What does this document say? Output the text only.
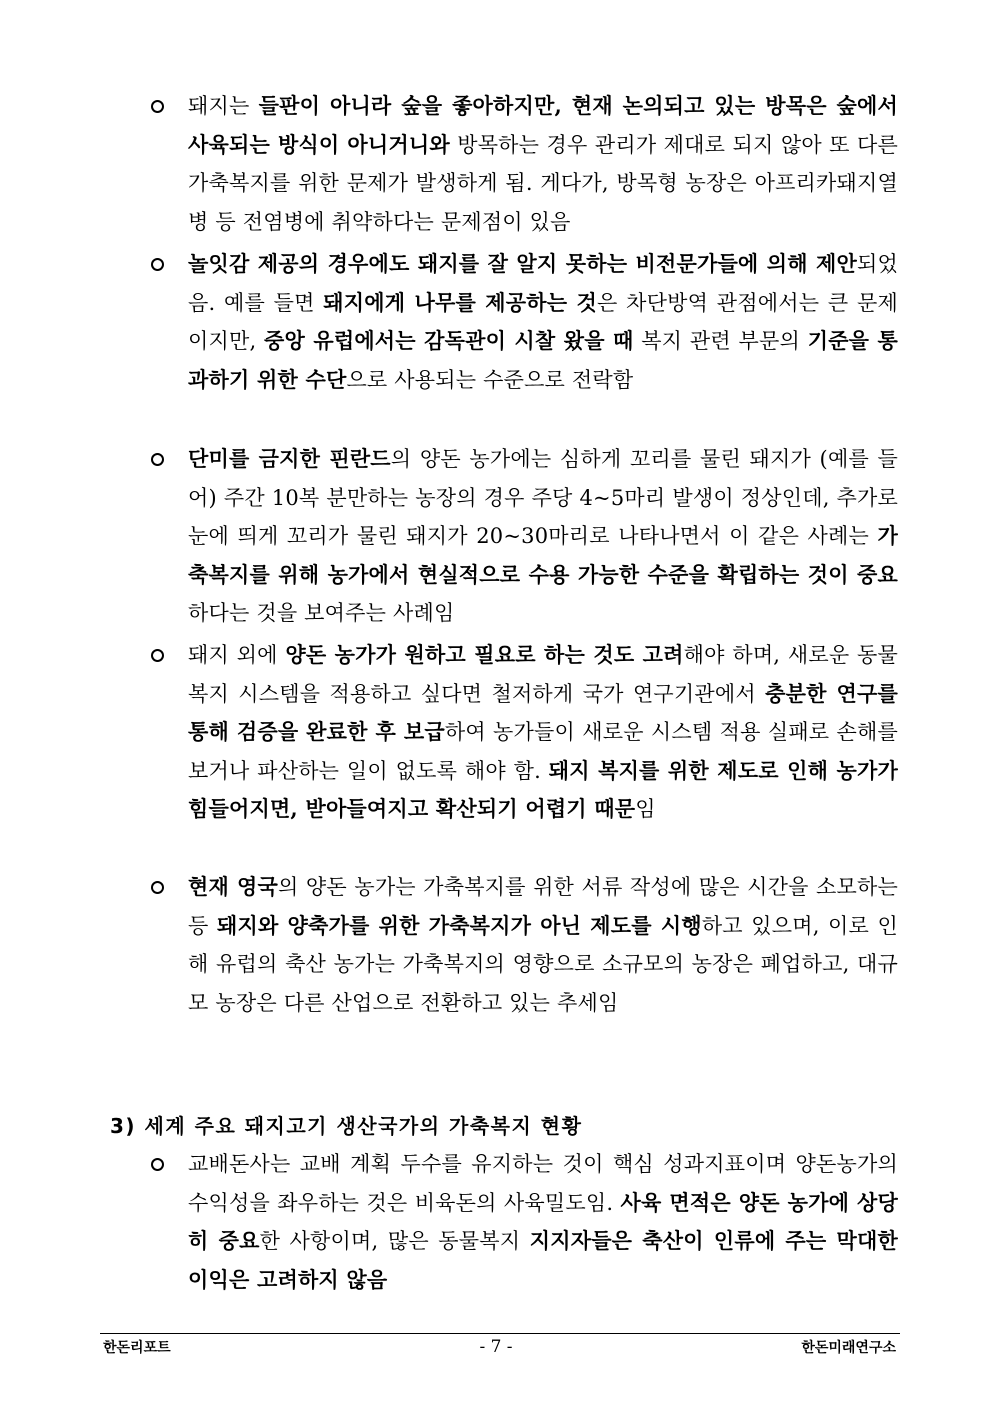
돼지는 들판이 아니라 숲을 좋아하지만, 현재 논의되고 있는 방목은 숲에서 사육되는 방식이 아니거니와 방목하는 경우 관리가 제대로 되지 않아 또 다른 가축복지를 위한 문제가 발생하게 됨. 게다가, 방목형 농장은 아프리카돼지열병 등 전염병에 취약하다는 문제점이 있음

놀잇감 제공의 경우에도 돼지를 잘 알지 못하는 비전문가들에 의해 제안되었음. 예를 들면 돼지에게 나무를 제공하는 것은 차단방역 관점에서는 큰 문제이지만, 중앙 유럽에서는 감독관이 시찰 왔을 때 복지 관련 부문의 기준을 통과하기 위한 수단으로 사용되는 수준으로 전락함

단미를 금지한 핀란드의 양돈 농가에는 심하게 꼬리를 물린 돼지가 (예를 들어) 주간 10복 분만하는 농장의 경우 주당 4~5마리 발생이 정상인데, 추가로 눈에 띄게 꼬리가 물린 돼지가 20~30마리로 나타나면서 이 같은 사례는 가축복지를 위해 농가에서 현실적으로 수용 가능한 수준을 확립하는 것이 중요하다는 것을 보여주는 사례임

돼지 외에 양돈 농가가 원하고 필요로 하는 것도 고려해야 하며, 새로운 동물복지 시스템을 적용하고 싶다면 철저하게 국가 연구기관에서 충분한 연구를 통해 검증을 완료한 후 보급하여 농가들이 새로운 시스템 적용 실패로 손해를 보거나 파산하는 일이 없도록 해야 함. 돼지 복지를 위한 제도로 인해 농가가 힘들어지면, 받아들여지고 확산되기 어렵기 때문임

현재 영국의 양돈 농가는 가축복지를 위한 서류 작성에 많은 시간을 소모하는 등 돼지와 양축가를 위한 가축복지가 아닌 제도를 시행하고 있으며, 이로 인해 유럽의 축산 농가는 가축복지의 영향으로 소규모의 농장은 폐업하고, 대규모 농장은 다른 산업으로 전환하고 있는 추세임

3) 세계 주요 돼지고기 생산국가의 가축복지 현황

교배돈사는 교배 계획 두수를 유지하는 것이 핵심 성과지표이며 양돈농가의 수익성을 좌우하는 것은 비육돈의 사육밀도임. 사육 면적은 양돈 농가에 상당히 중요한 사항이며, 많은 동물복지 지지자들은 축산이 인류에 주는 막대한 이익은 고려하지 않음

한돈리포트	- 7 -	한돈미래연구소
